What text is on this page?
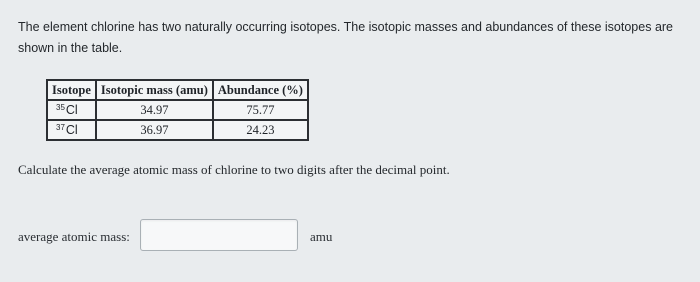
The element chlorine has two naturally occurring isotopes. The isotopic masses and abundances of these isotopes are shown in the table.
Isotope	Isotopic mass (amu)	Abundance (%)
$^{35}$Cl	34.97	75.77
$^{37}$Cl	36.97	24.23
Calculate the average atomic mass of chlorine to two digits after the decimal point.
average atomic mass:	amu
